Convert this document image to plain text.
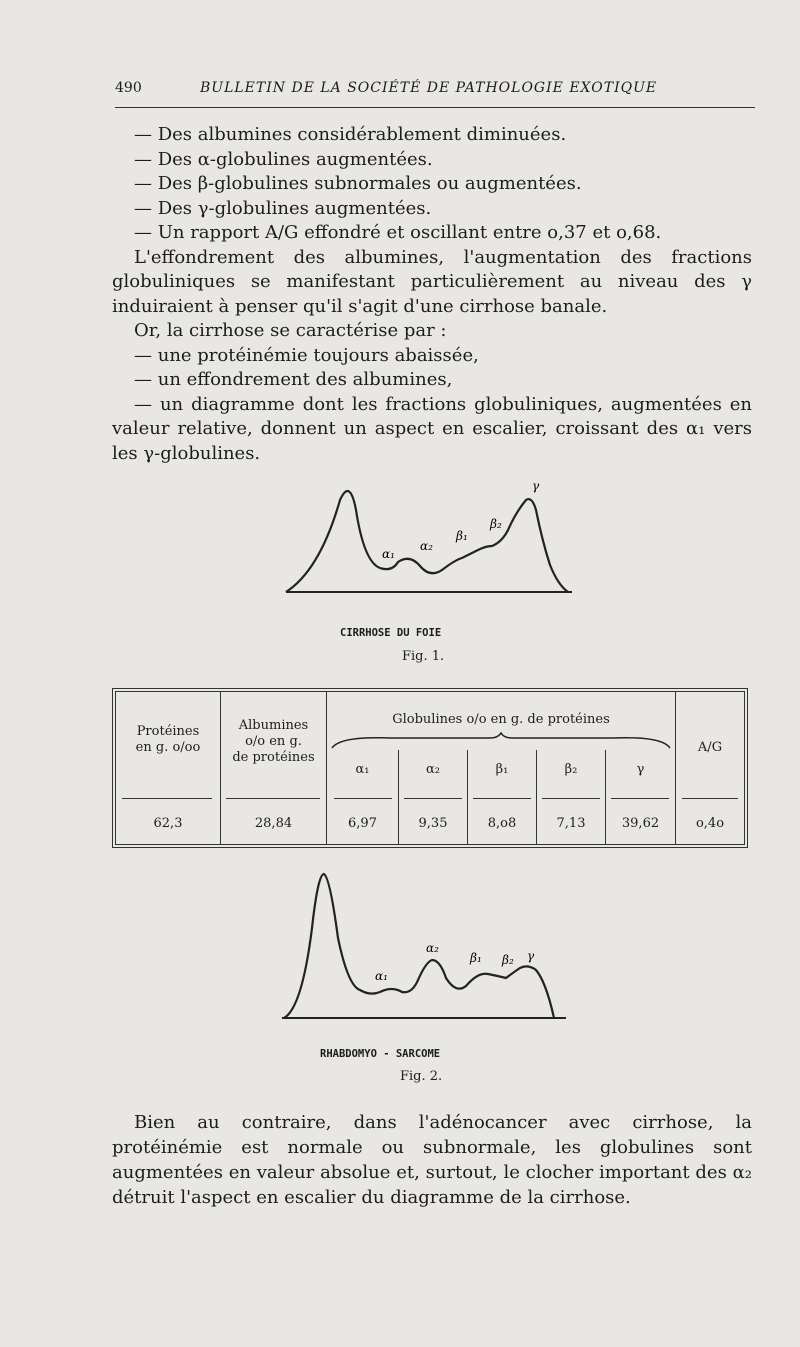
490	BULLETIN DE LA SOCIÉTÉ DE PATHOLOGIE EXOTIQUE

— Des albumines considérablement diminuées.

— Des α-globulines augmentées.

— Des β-globulines subnormales ou augmentées.

— Des γ-globulines augmentées.

— Un rapport A/G effondré et oscillant entre o,37 et o,68.

L'effondrement des albumines, l'augmentation des fractions globuliniques se manifestant particulièrement au niveau des γ induiraient à penser qu'il s'agit d'une cirrhose banale.

Or, la cirrhose se caractérise par :

— une protéinémie toujours abaissée,

— un effondrement des albumines,

— un diagramme dont les fractions globuliniques, augmentées en valeur relative, donnent un aspect en escalier, croissant des α₁ vers les γ-globulines.

α₁
α₂
β₁
β₂
γ
CIRRHOSE DU FOIE
Fig. 1.
Protéines
en g. o/oo
Albumines
o/o en g.
de protéines
Globulines o/o en g. de protéines
α₁	α₂	β₁	β₂	γ
A/G
62,3	28,84	6,97	9,35	8,o8	7,13	39,62	o,4o
α₁
α₂
β₁ β₂ γ
RHABDOMYO - SARCOME
Fig. 2.

Bien au contraire, dans l'adénocancer avec cirrhose, la protéinémie est normale ou subnormale, les globulines sont augmentées en valeur absolue et, surtout, le clocher important des α₂ détruit l'aspect en escalier du diagramme de la cirrhose.
